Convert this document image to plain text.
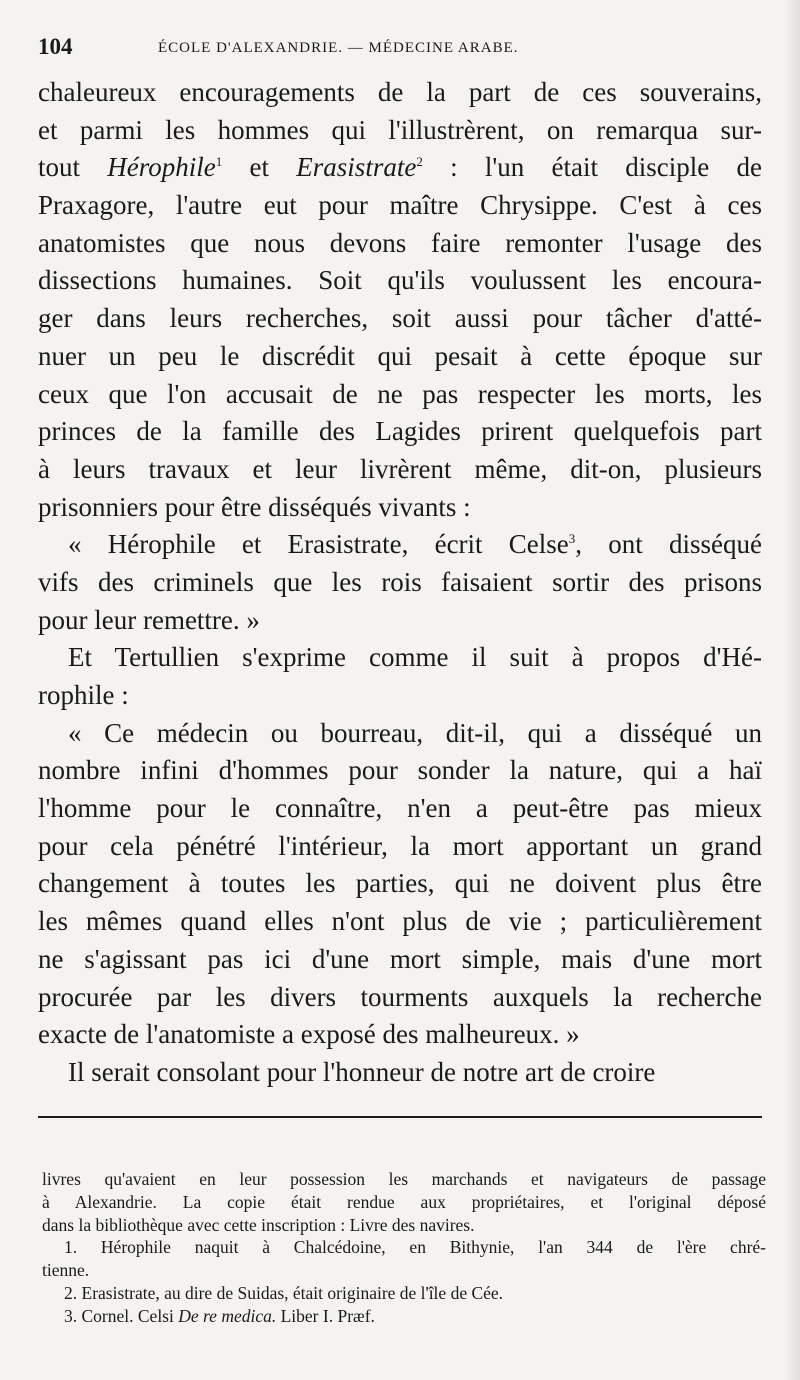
104	ÉCOLE D'ALEXANDRIE. — MÉDECINE ARABE.
chaleureux encouragements de la part de ces souverains,
et parmi les hommes qui l'illustrèrent, on remarqua sur-
tout Hérophile$^1$ et Erasistrate$^2$ : l'un était disciple de
Praxagore, l'autre eut pour maître Chrysippe. C'est à ces
anatomistes que nous devons faire remonter l'usage des
dissections humaines. Soit qu'ils voulussent les encoura-
ger dans leurs recherches, soit aussi pour tâcher d'atté-
nuer un peu le discrédit qui pesait à cette époque sur
ceux que l'on accusait de ne pas respecter les morts, les
princes de la famille des Lagides prirent quelquefois part
à leurs travaux et leur livrèrent même, dit-on, plusieurs
prisonniers pour être disséqués vivants :
« Hérophile et Erasistrate, écrit Celse$^3$, ont disséqué
vifs des criminels que les rois faisaient sortir des prisons
pour leur remettre. »
Et Tertullien s'exprime comme il suit à propos d'Hé-
rophile :
« Ce médecin ou bourreau, dit-il, qui a disséqué un
nombre infini d'hommes pour sonder la nature, qui a haï
l'homme pour le connaître, n'en a peut-être pas mieux
pour cela pénétré l'intérieur, la mort apportant un grand
changement à toutes les parties, qui ne doivent plus être
les mêmes quand elles n'ont plus de vie ; particulièrement
ne s'agissant pas ici d'une mort simple, mais d'une mort
procurée par les divers tourments auxquels la recherche
exacte de l'anatomiste a exposé des malheureux. »
Il serait consolant pour l'honneur de notre art de croire
livres qu'avaient en leur possession les marchands et navigateurs de passage
à Alexandrie. La copie était rendue aux propriétaires, et l'original déposé
dans la bibliothèque avec cette inscription : Livre des navires.
1. Hérophile naquit à Chalcédoine, en Bithynie, l'an 344 de l'ère chré-
tienne.
2. Erasistrate, au dire de Suidas, était originaire de l'île de Cée.
3. Cornel. Celsi De re medica. Liber I. Præf.
